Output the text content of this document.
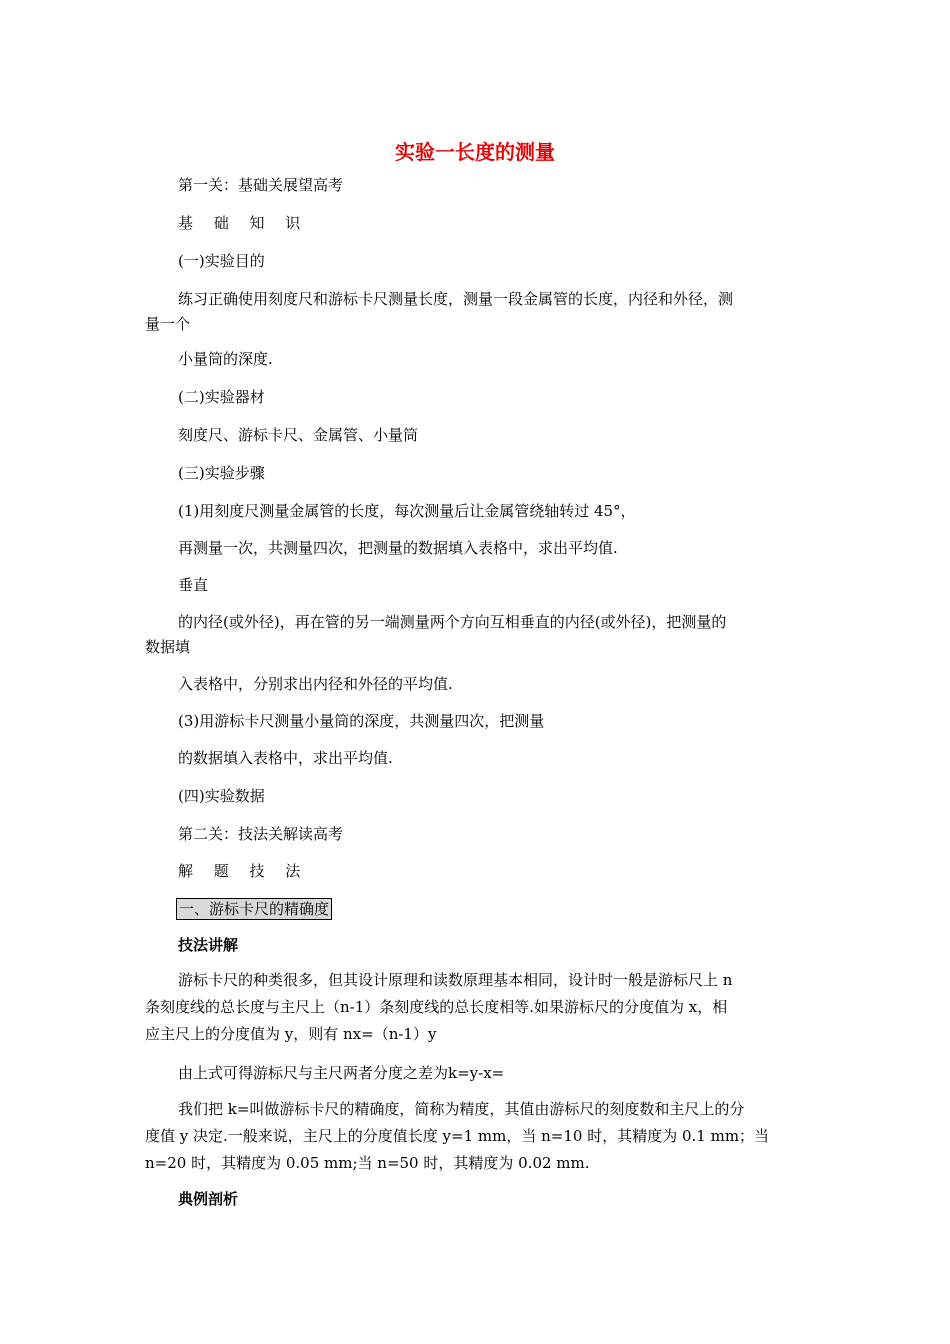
实验一长度的测量
第一关：基础关展望高考
基 础 知 识
(一)实验目的
练习正确使用刻度尺和游标卡尺测量长度，测量一段金属管的长度，内径和外径，测
量一个
小量筒的深度.
(二)实验器材
刻度尺、游标卡尺、金属管、小量筒
(三)实验步骤
(1)用刻度尺测量金属管的长度，每次测量后让金属管绕轴转过 45°，
再测量一次，共测量四次，把测量的数据填入表格中，求出平均值.
垂直
的内径(或外径)，再在管的另一端测量两个方向互相垂直的内径(或外径)，把测量的
数据填
入表格中，分别求出内径和外径的平均值.
(3)用游标卡尺测量小量筒的深度，共测量四次，把测量
的数据填入表格中，求出平均值.
(四)实验数据
第二关：技法关解读高考
解 题 技 法
一、游标卡尺的精确度
技法讲解
游标卡尺的种类很多，但其设计原理和读数原理基本相同，设计时一般是游标尺上 n
条刻度线的总长度与主尺上（n-1）条刻度线的总长度相等.如果游标尺的分度值为 x，相
应主尺上的分度值为 y，则有 nx=（n-1）y
由上式可得游标尺与主尺两者分度之差为k=y-x=
我们把 k=叫做游标卡尺的精确度，简称为精度，其值由游标尺的刻度数和主尺上的分
度值 y 决定.一般来说，主尺上的分度值长度 y=1 mm，当 n=10 时，其精度为 0.1 mm；当
n=20 时，其精度为 0.05 mm;当 n=50 时，其精度为 0.02 mm.
典例剖析
